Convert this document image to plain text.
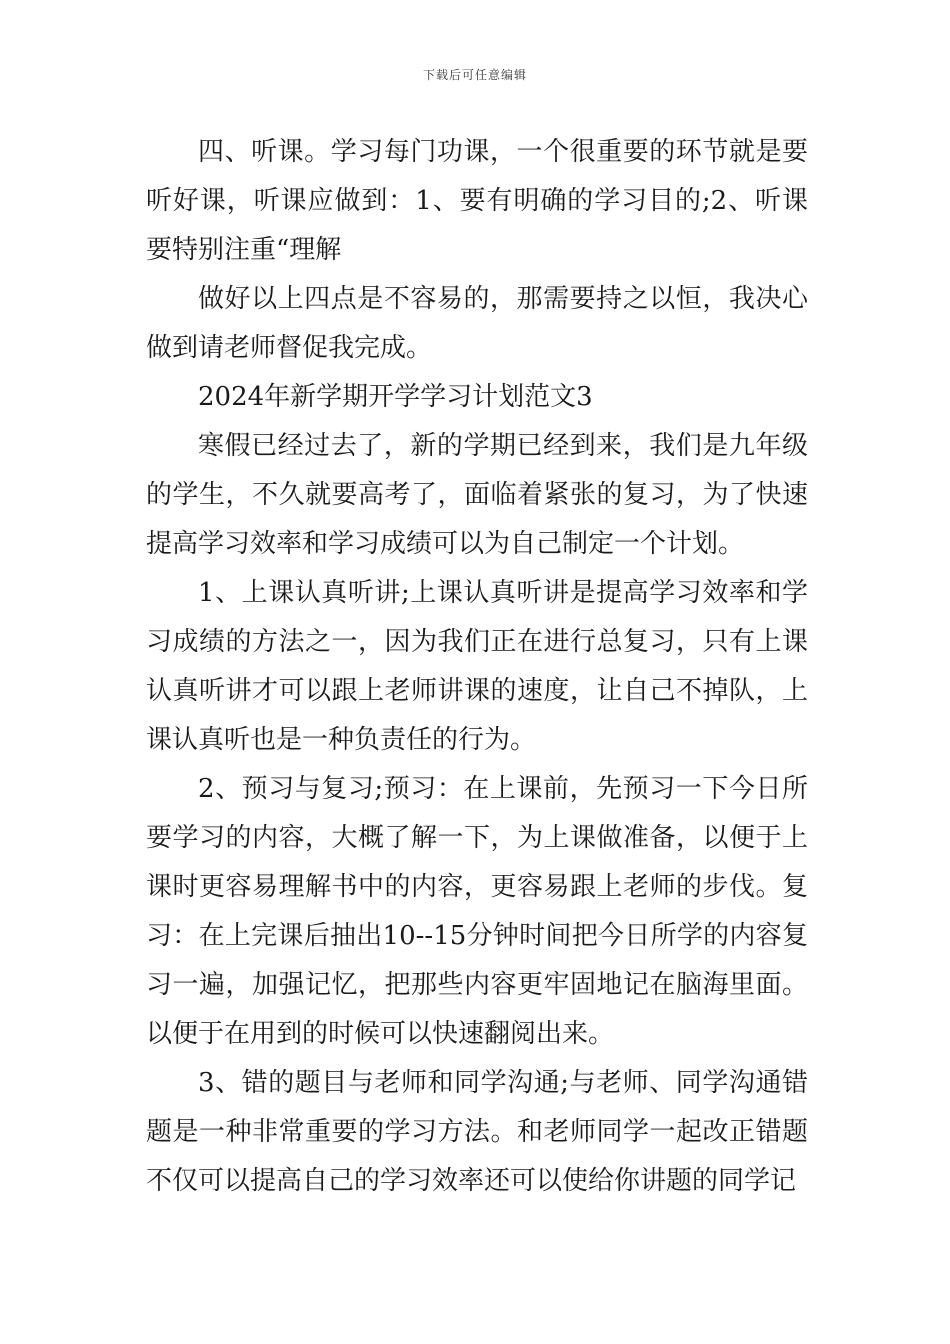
下载后可任意编辑

四、听课。学习每门功课，一个很重要的环节就是要听好课，听课应做到：1、要有明确的学习目的;2、听课要特别注重“理解

做好以上四点是不容易的，那需要持之以恒，我决心做到请老师督促我完成。

2024年新学期开学学习计划范文3

寒假已经过去了，新的学期已经到来，我们是九年级的学生，不久就要高考了，面临着紧张的复习，为了快速提高学习效率和学习成绩可以为自己制定一个计划。

1、上课认真听讲;上课认真听讲是提高学习效率和学习成绩的方法之一，因为我们正在进行总复习，只有上课认真听讲才可以跟上老师讲课的速度，让自己不掉队，上课认真听也是一种负责任的行为。

2、预习与复习;预习：在上课前，先预习一下今日所要学习的内容，大概了解一下，为上课做准备，以便于上课时更容易理解书中的内容，更容易跟上老师的步伐。复习：在上完课后抽出10--15分钟时间把今日所学的内容复习一遍，加强记忆，把那些内容更牢固地记在脑海里面。以便于在用到的时候可以快速翻阅出来。

3、错的题目与老师和同学沟通;与老师、同学沟通错题是一种非常重要的学习方法。和老师同学一起改正错题不仅可以提高自己的学习效率还可以使给你讲题的同学记
